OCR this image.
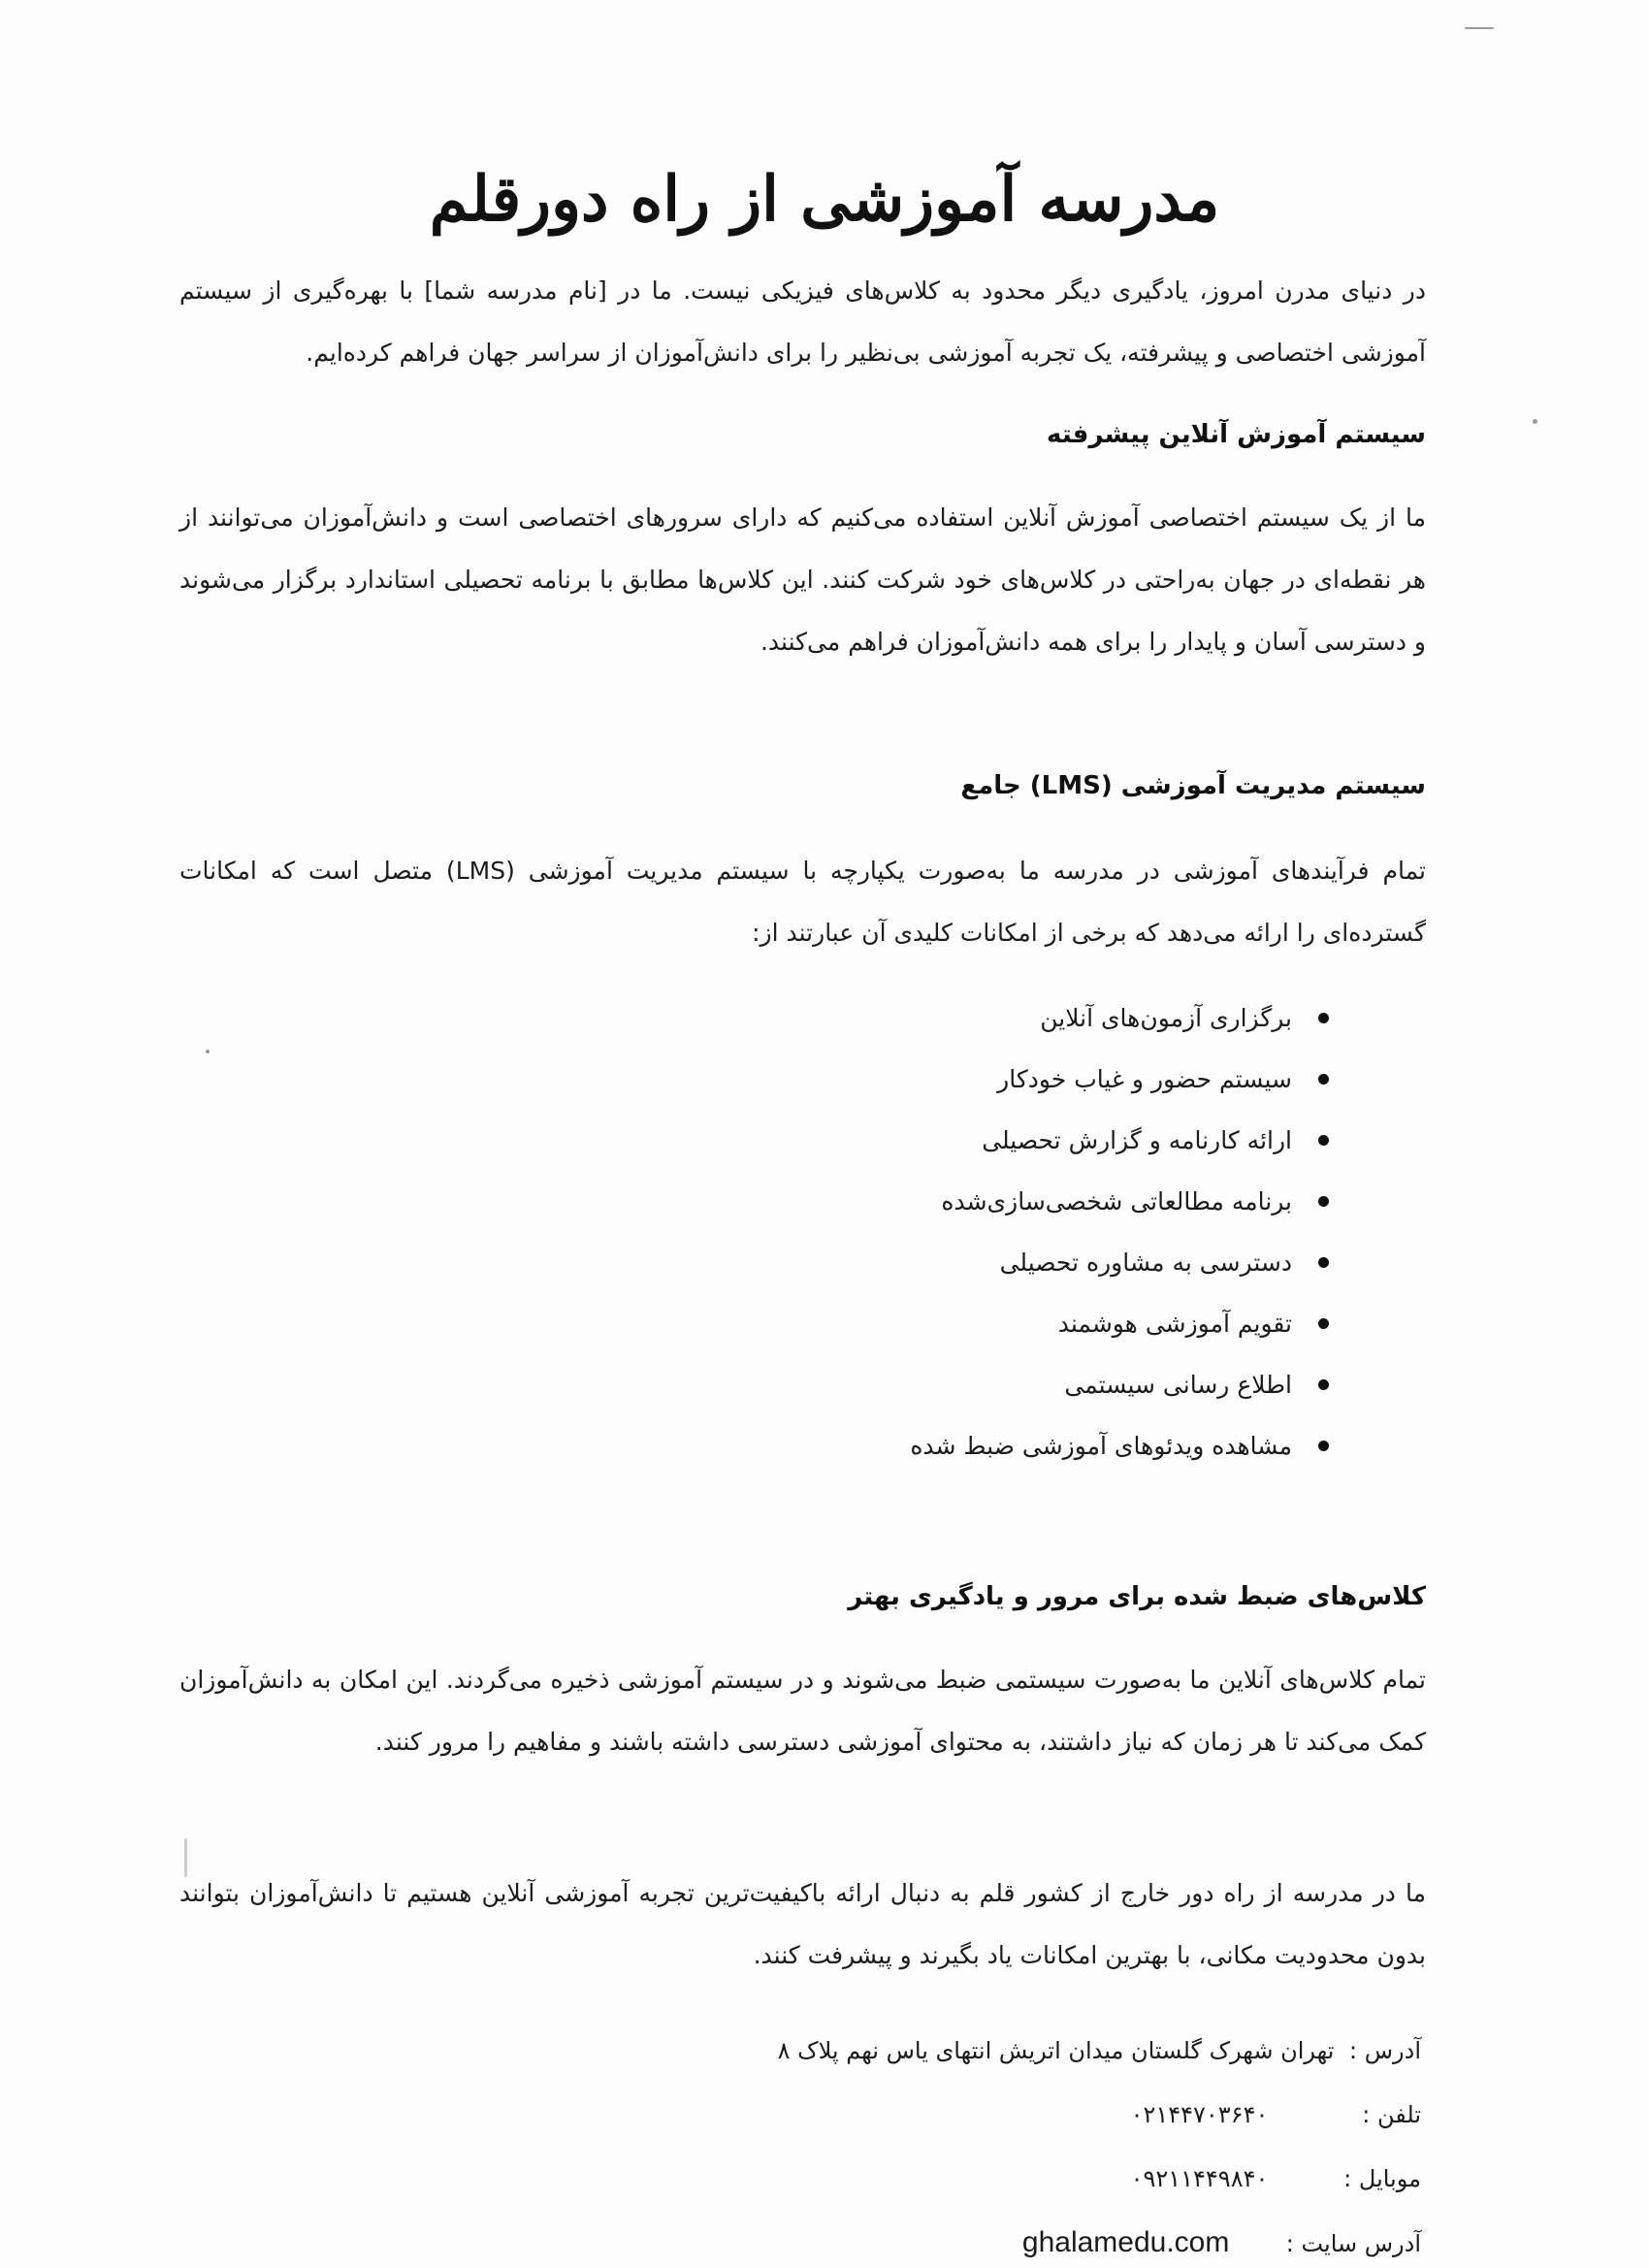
مدرسه آموزشی از راه دورقلم

در دنیای مدرن امروز، یادگیری دیگر محدود به کلاس‌های فیزیکی نیست. ما در [نام مدرسه شما] با بهره‌گیری از سیستم آموزشی اختصاصی و پیشرفته، یک تجربه آموزشی بی‌نظیر را برای دانش‌آموزان از سراسر جهان فراهم کرده‌ایم.

سیستم آموزش آنلاین پیشرفته

ما از یک سیستم اختصاصی آموزش آنلاین استفاده می‌کنیم که دارای سرورهای اختصاصی است و دانش‌آموزان می‌توانند از هر نقطه‌ای در جهان به‌راحتی در کلاس‌های خود شرکت کنند. این کلاس‌ها مطابق با برنامه تحصیلی استاندارد برگزار می‌شوند و دسترسی آسان و پایدار را برای همه دانش‌آموزان فراهم می‌کنند.

سیستم مدیریت آموزشی (LMS) جامع

تمام فرآیندهای آموزشی در مدرسه ما به‌صورت یکپارچه با سیستم مدیریت آموزشی (LMS) متصل است که امکانات گسترده‌ای را ارائه می‌دهد که برخی از امکانات کلیدی آن عبارتند از:

برگزاری آزمون‌های آنلاین
سیستم حضور و غیاب خودکار
ارائه کارنامه و گزارش تحصیلی
برنامه مطالعاتی شخصی‌سازی‌شده
دسترسی به مشاوره تحصیلی
تقویم آموزشی هوشمند
اطلاع رسانی سیستمی
مشاهده ویدئوهای آموزشی ضبط شده
کلاس‌های ضبط شده برای مرور و یادگیری بهتر

تمام کلاس‌های آنلاین ما به‌صورت سیستمی ضبط می‌شوند و در سیستم آموزشی ذخیره می‌گردند. این امکان به دانش‌آموزان کمک می‌کند تا هر زمان که نیاز داشتند، به محتوای آموزشی دسترسی داشته باشند و مفاهیم را مرور کنند.

ما در مدرسه از راه دور خارج از کشور قلم به دنبال ارائه باکیفیت‌ترین تجربه آموزشی آنلاین هستیم تا دانش‌آموزان بتوانند بدون محدودیت مکانی، با بهترین امکانات یاد بگیرند و پیشرفت کنند.

آدرس : تهران شهرک گلستان میدان اتریش انتهای یاس نهم پلاک ۸
تلفن : ۰۲۱۴۴۷۰۳۶۴۰
موبایل : ۰۹۲۱۱۴۴۹۸۴۰
آدرس سایت : ghalamedu.com
